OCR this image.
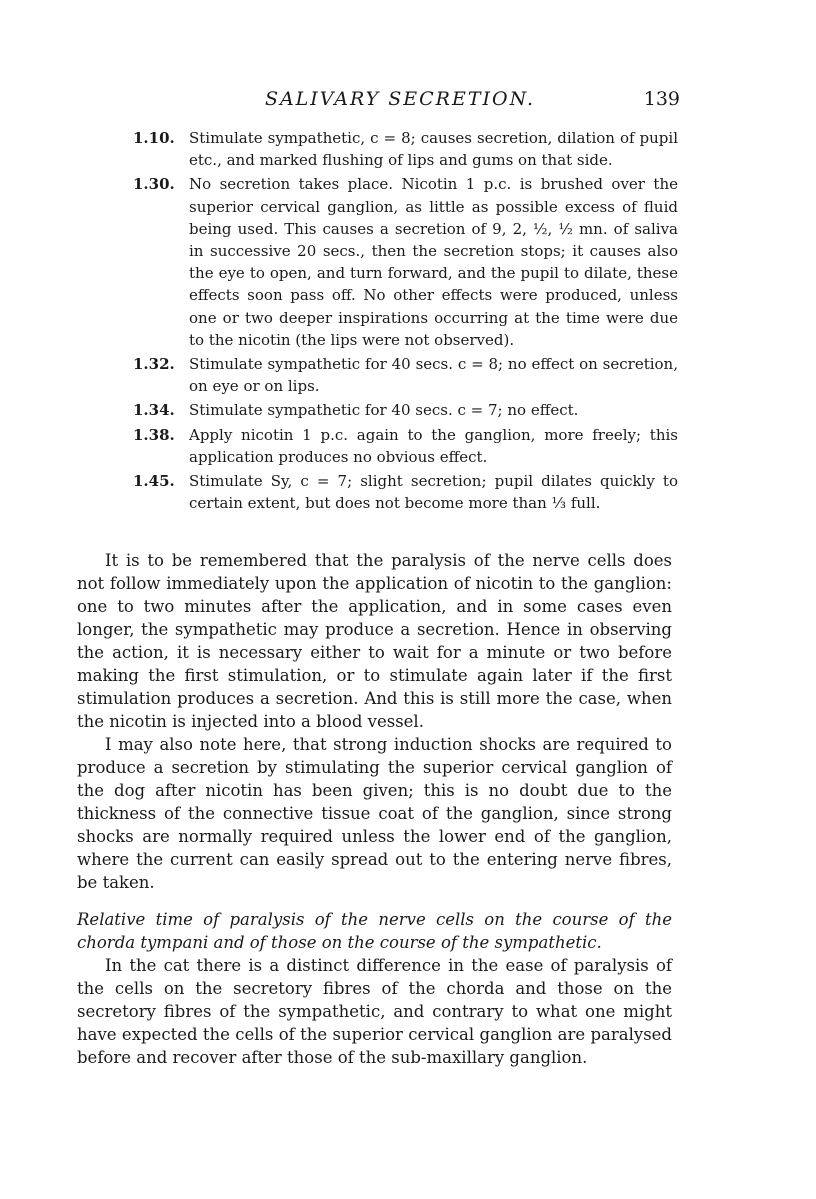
SALIVARY SECRETION.	139
1.10. Stimulate sympathetic, c = 8; causes secretion, dilation of pupil etc., and marked flushing of lips and gums on that side.
1.30. No secretion takes place. Nicotin 1 p.c. is brushed over the superior cervical ganglion, as little as possible excess of fluid being used. This causes a secretion of 9, 2, ½, ½ mn. of saliva in successive 20 secs., then the secretion stops; it causes also the eye to open, and turn forward, and the pupil to dilate, these effects soon pass off. No other effects were produced, unless one or two deeper inspirations occurring at the time were due to the nicotin (the lips were not observed).
1.32. Stimulate sympathetic for 40 secs. c = 8; no effect on secretion, on eye or on lips.
1.34. Stimulate sympathetic for 40 secs. c = 7; no effect.
1.38. Apply nicotin 1 p.c. again to the ganglion, more freely; this application produces no obvious effect.
1.45. Stimulate Sy, c = 7; slight secretion; pupil dilates quickly to certain extent, but does not become more than ⅓ full.

It is to be remembered that the paralysis of the nerve cells does not follow immediately upon the application of nicotin to the ganglion: one to two minutes after the application, and in some cases even longer, the sympathetic may produce a secretion. Hence in observing the action, it is necessary either to wait for a minute or two before making the first stimulation, or to stimulate again later if the first stimulation produces a secretion. And this is still more the case, when the nicotin is injected into a blood vessel.

I may also note here, that strong induction shocks are required to produce a secretion by stimulating the superior cervical ganglion of the dog after nicotin has been given; this is no doubt due to the thickness of the connective tissue coat of the ganglion, since strong shocks are normally required unless the lower end of the ganglion, where the current can easily spread out to the entering nerve fibres, be taken.

Relative time of paralysis of the nerve cells on the course of the chorda tympani and of those on the course of the sympathetic.

In the cat there is a distinct difference in the ease of paralysis of the cells on the secretory fibres of the chorda and those on the secretory fibres of the sympathetic, and contrary to what one might have expected the cells of the superior cervical ganglion are paralysed before and recover after those of the sub-maxillary ganglion.
